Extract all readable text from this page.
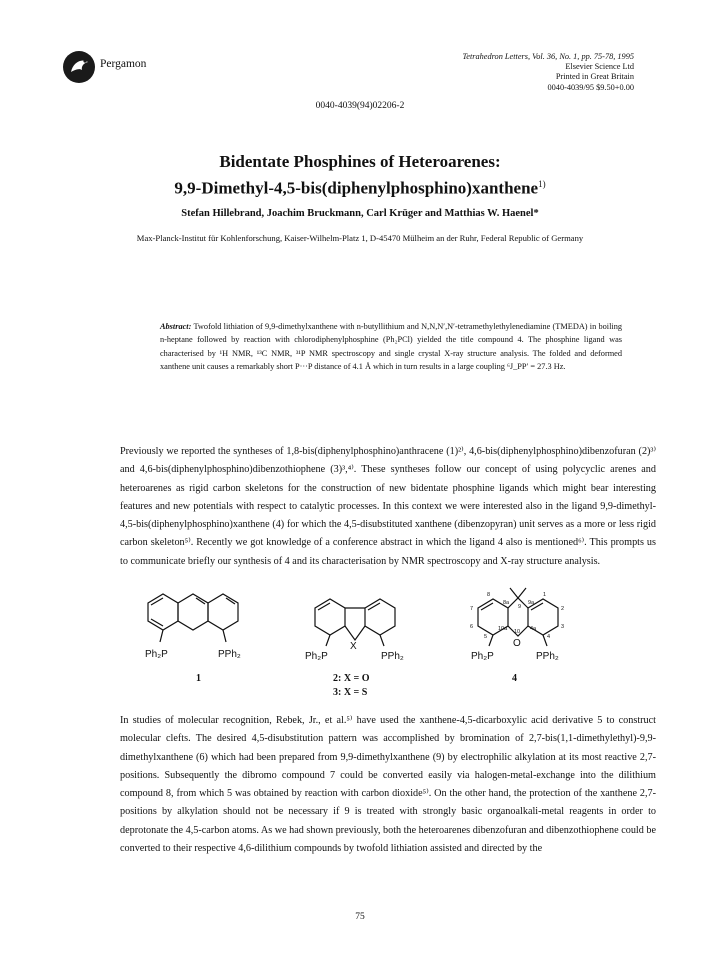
Pergamon
Tetrahedron Letters, Vol. 36, No. 1, pp. 75-78, 1995
Elsevier Science Ltd
Printed in Great Britain
0040-4039/95 $9.50+0.00
0040-4039(94)02206-2
Bidentate Phosphines of Heteroarenes:
9,9-Dimethyl-4,5-bis(diphenylphosphino)xanthene$^{1)}$
Stefan Hillebrand, Joachim Bruckmann, Carl Krüger and Matthias W. Haenel*
Max-Planck-Institut für Kohlenforschung, Kaiser-Wilhelm-Platz 1, D-45470 Mülheim an der Ruhr, Federal Republic of Germany
Abstract: Twofold lithiation of 9,9-dimethylxanthene with n-butyllithium and N,N,N′,N′-tetramethylethylenediamine (TMEDA) in boiling n-heptane followed by reaction with chlorodiphenylphosphine (Ph₂PCl) yielded the title compound 4. The phosphine ligand was characterised by ¹H NMR, ¹³C NMR, ³¹P NMR spectroscopy and single crystal X-ray structure analysis. The folded and deformed xanthene unit causes a remarkably short P···P distance of 4.1 Å which in turn results in a large coupling ⁶J_PP′ = 27.3 Hz.
Previously we reported the syntheses of 1,8-bis(diphenylphosphino)anthracene (1)²⁾, 4,6-bis(diphenylphosphino)dibenzofuran (2)³⁾ and 4,6-bis(diphenylphosphino)dibenzothiophene (3)³,⁴⁾. These syntheses follow our concept of using polycyclic arenes and heteroarenes as rigid carbon skeletons for the construction of new bidentate phosphine ligands which might bear interesting features and new potentials with respect to catalytic processes. In this context we were interested also in the ligand 9,9-dimethyl-4,5-bis(diphenylphosphino)xanthene (4) for which the 4,5-disubstituted xanthene (dibenzopyran) unit serves as a more or less rigid carbon skeleton⁵⁾. Recently we got knowledge of a conference abstract in which the ligand 4 also is mentioned⁶⁾. This prompts us to communicate briefly our synthesis of 4 and its characterisation by NMR spectroscopy and X-ray structure analysis.
Ph₂P	PPh₂	Ph₂P	PPh₂
X
Ph₂P	PPh₂
O
7
8
8a
9
9a
1
2
3
4
4a
10
10a
5
6
1	2: X = O
3: X = S
4
In studies of molecular recognition, Rebek, Jr., et al.⁵⁾ have used the xanthene-4,5-dicarboxylic acid derivative 5 to construct molecular clefts. The desired 4,5-disubstitution pattern was accomplished by bromination of 2,7-bis(1,1-dimethylethyl)-9,9-dimethylxanthene (6) which had been prepared from 9,9-dimethylxanthene (9) by electrophilic alkylation at its most reactive 2,7-positions. Subsequently the dibromo compound 7 could be converted easily via halogen-metal-exchange into the dilithium compound 8, from which 5 was obtained by reaction with carbon dioxide⁵⁾. On the other hand, the protection of the xanthene 2,7-positions by alkylation should not be necessary if 9 is treated with strongly basic organoalkali-metal reagents in order to deprotonate the 4,5-carbon atoms. As we had shown previously, both the heteroarenes dibenzofuran and dibenzothiophene could be converted to their respective 4,6-dilithium compounds by twofold lithiation assisted and directed by the
75
